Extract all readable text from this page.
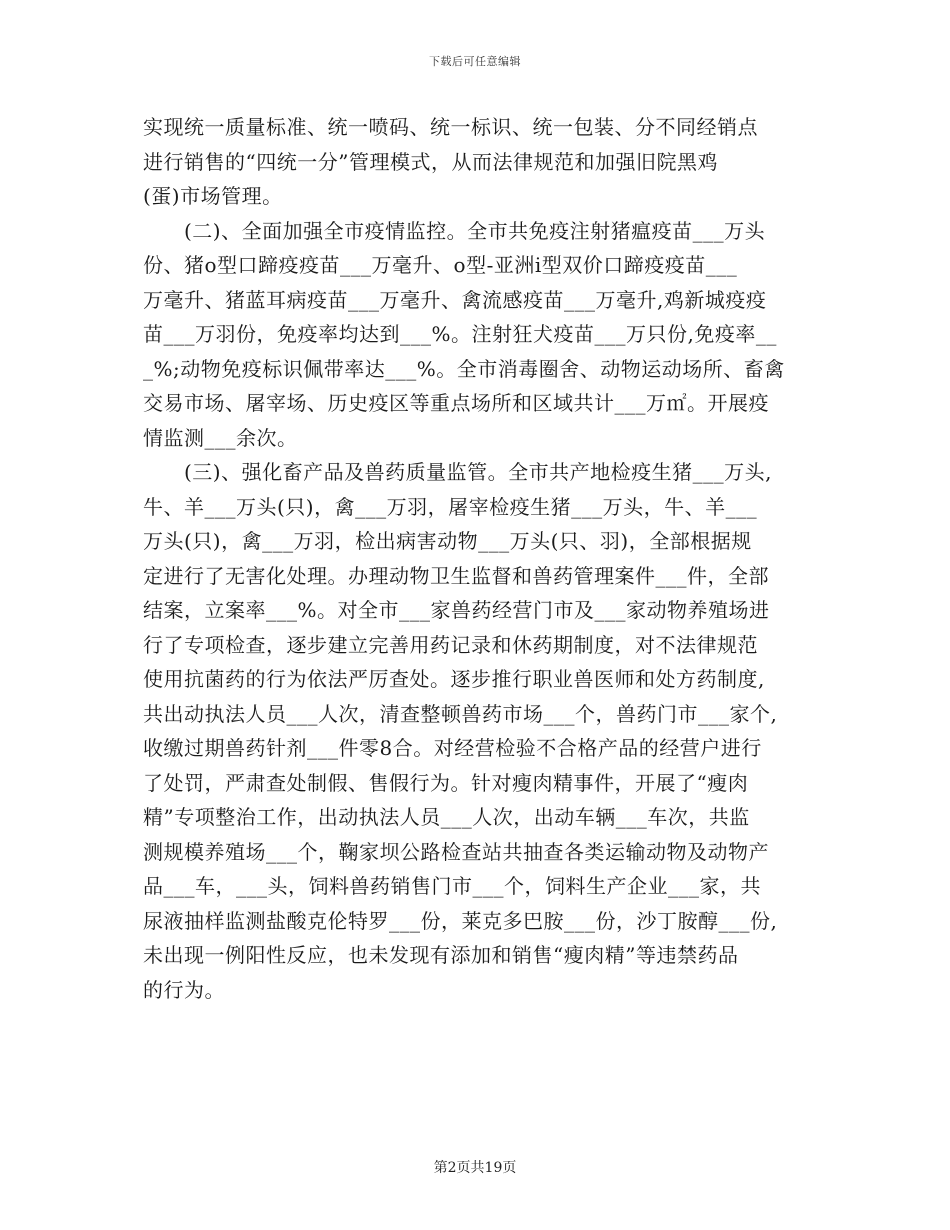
下载后可任意编辑
实现统一质量标准、统一喷码、统一标识、统一包装、分不同经销点
进行销售的“四统一分”管理模式，从而法律规范和加强旧院黑鸡
(蛋)市场管理。
　　(二)、全面加强全市疫情监控。全市共免疫注射猪瘟疫苗___万头
份、猪o型口蹄疫疫苗___万毫升、o型-亚洲i型双价口蹄疫疫苗___
万毫升、猪蓝耳病疫苗___万毫升、禽流感疫苗___万毫升,鸡新城疫疫
苗___万羽份，免疫率均达到___%。注射狂犬疫苗___万只份,免疫率__
_%;动物免疫标识佩带率达___%。全市消毒圈舍、动物运动场所、畜禽
交易市场、屠宰场、历史疫区等重点场所和区域共计___万㎡。开展疫
情监测___余次。
　　(三)、强化畜产品及兽药质量监管。全市共产地检疫生猪___万头,
牛、羊___万头(只)，禽___万羽，屠宰检疫生猪___万头，牛、羊___
万头(只)，禽___万羽，检出病害动物___万头(只、羽)，全部根据规
定进行了无害化处理。办理动物卫生监督和兽药管理案件___件，全部
结案，立案率___%。对全市___家兽药经营门市及___家动物养殖场进
行了专项检查，逐步建立完善用药记录和休药期制度，对不法律规范
使用抗菌药的行为依法严厉查处。逐步推行职业兽医师和处方药制度,
共出动执法人员___人次，清查整顿兽药市场___个，兽药门市___家个,
收缴过期兽药针剂___件零8合。对经营检验不合格产品的经营户进行
了处罚，严肃查处制假、售假行为。针对瘦肉精事件，开展了“瘦肉
精”专项整治工作，出动执法人员___人次，出动车辆___车次，共监
测规模养殖场___个，鞠家坝公路检查站共抽查各类运输动物及动物产
品___车，___头，饲料兽药销售门市___个，饲料生产企业___家，共
尿液抽样监测盐酸克伦特罗___份，莱克多巴胺___份，沙丁胺醇___份,
未出现一例阳性反应，也未发现有添加和销售“瘦肉精”等违禁药品
的行为。
第2页共19页
